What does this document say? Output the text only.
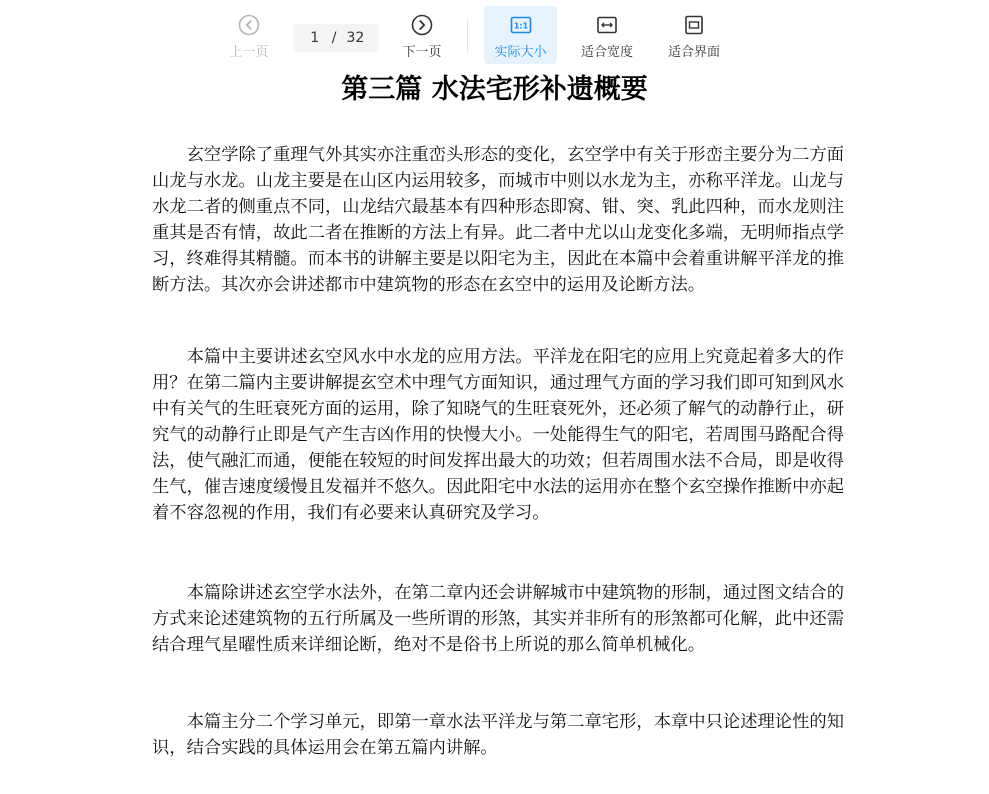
上一页
1 / 32
下一页
1:1
实际大小	适合宽度	适合界面
第三篇 水法宅形补遗概要

玄空学除了重理气外其实亦注重峦头形态的变化，玄空学中有关于形峦主要分为二方面山龙与水龙。山龙主要是在山区内运用较多，而城市中则以水龙为主，亦称平洋龙。山龙与水龙二者的侧重点不同，山龙结穴最基本有四种形态即窝、钳、突、乳此四种，而水龙则注重其是否有情，故此二者在推断的方法上有异。此二者中尤以山龙变化多端，无明师指点学习，终难得其精髓。而本书的讲解主要是以阳宅为主，因此在本篇中会着重讲解平洋龙的推断方法。其次亦会讲述都市中建筑物的形态在玄空中的运用及论断方法。

本篇中主要讲述玄空风水中水龙的应用方法。平洋龙在阳宅的应用上究竟起着多大的作用？在第二篇内主要讲解提玄空术中理气方面知识，通过理气方面的学习我们即可知到风水中有关气的生旺衰死方面的运用，除了知晓气的生旺衰死外，还必须了解气的动静行止，研究气的动静行止即是气产生吉凶作用的快慢大小。一处能得生气的阳宅，若周围马路配合得法，使气融汇而通，便能在较短的时间发挥出最大的功效；但若周围水法不合局，即是收得生气，催吉速度缓慢且发福并不悠久。因此阳宅中水法的运用亦在整个玄空操作推断中亦起着不容忽视的作用，我们有必要来认真研究及学习。

本篇除讲述玄空学水法外，在第二章内还会讲解城市中建筑物的形制，通过图文结合的方式来论述建筑物的五行所属及一些所谓的形煞，其实并非所有的形煞都可化解，此中还需结合理气星曜性质来详细论断，绝对不是俗书上所说的那么简单机械化。

本篇主分二个学习单元，即第一章水法平洋龙与第二章宅形，本章中只论述理论性的知识，结合实践的具体运用会在第五篇内讲解。
